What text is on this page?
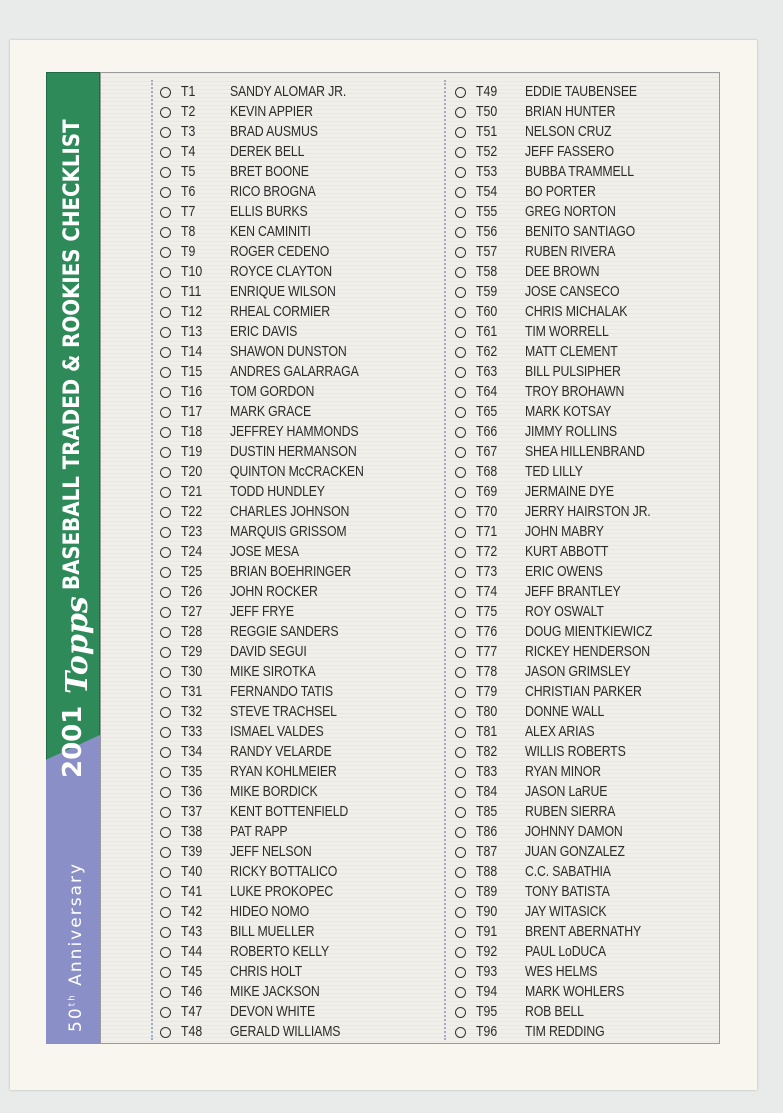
BASEBALL TRADED & ROOKIES CHECKLIST
Topps
2001
50th Anniversary
T1	SANDY ALOMAR JR.
T2	KEVIN APPIER
T3	BRAD AUSMUS
T4	DEREK BELL
T5	BRET BOONE
T6	RICO BROGNA
T7	ELLIS BURKS
T8	KEN CAMINITI
T9	ROGER CEDENO
T10	ROYCE CLAYTON
T11	ENRIQUE WILSON
T12	RHEAL CORMIER
T13	ERIC DAVIS
T14	SHAWON DUNSTON
T15	ANDRES GALARRAGA
T16	TOM GORDON
T17	MARK GRACE
T18	JEFFREY HAMMONDS
T19	DUSTIN HERMANSON
T20	QUINTON McCRACKEN
T21	TODD HUNDLEY
T22	CHARLES JOHNSON
T23	MARQUIS GRISSOM
T24	JOSE MESA
T25	BRIAN BOEHRINGER
T26	JOHN ROCKER
T27	JEFF FRYE
T28	REGGIE SANDERS
T29	DAVID SEGUI
T30	MIKE SIROTKA
T31	FERNANDO TATIS
T32	STEVE TRACHSEL
T33	ISMAEL VALDES
T34	RANDY VELARDE
T35	RYAN KOHLMEIER
T36	MIKE BORDICK
T37	KENT BOTTENFIELD
T38	PAT RAPP
T39	JEFF NELSON
T40	RICKY BOTTALICO
T41	LUKE PROKOPEC
T42	HIDEO NOMO
T43	BILL MUELLER
T44	ROBERTO KELLY
T45	CHRIS HOLT
T46	MIKE JACKSON
T47	DEVON WHITE
T48	GERALD WILLIAMS
T49	EDDIE TAUBENSEE
T50	BRIAN HUNTER
T51	NELSON CRUZ
T52	JEFF FASSERO
T53	BUBBA TRAMMELL
T54	BO PORTER
T55	GREG NORTON
T56	BENITO SANTIAGO
T57	RUBEN RIVERA
T58	DEE BROWN
T59	JOSE CANSECO
T60	CHRIS MICHALAK
T61	TIM WORRELL
T62	MATT CLEMENT
T63	BILL PULSIPHER
T64	TROY BROHAWN
T65	MARK KOTSAY
T66	JIMMY ROLLINS
T67	SHEA HILLENBRAND
T68	TED LILLY
T69	JERMAINE DYE
T70	JERRY HAIRSTON JR.
T71	JOHN MABRY
T72	KURT ABBOTT
T73	ERIC OWENS
T74	JEFF BRANTLEY
T75	ROY OSWALT
T76	DOUG MIENTKIEWICZ
T77	RICKEY HENDERSON
T78	JASON GRIMSLEY
T79	CHRISTIAN PARKER
T80	DONNE WALL
T81	ALEX ARIAS
T82	WILLIS ROBERTS
T83	RYAN MINOR
T84	JASON LaRUE
T85	RUBEN SIERRA
T86	JOHNNY DAMON
T87	JUAN GONZALEZ
T88	C.C. SABATHIA
T89	TONY BATISTA
T90	JAY WITASICK
T91	BRENT ABERNATHY
T92	PAUL LoDUCA
T93	WES HELMS
T94	MARK WOHLERS
T95	ROB BELL
T96	TIM REDDING
